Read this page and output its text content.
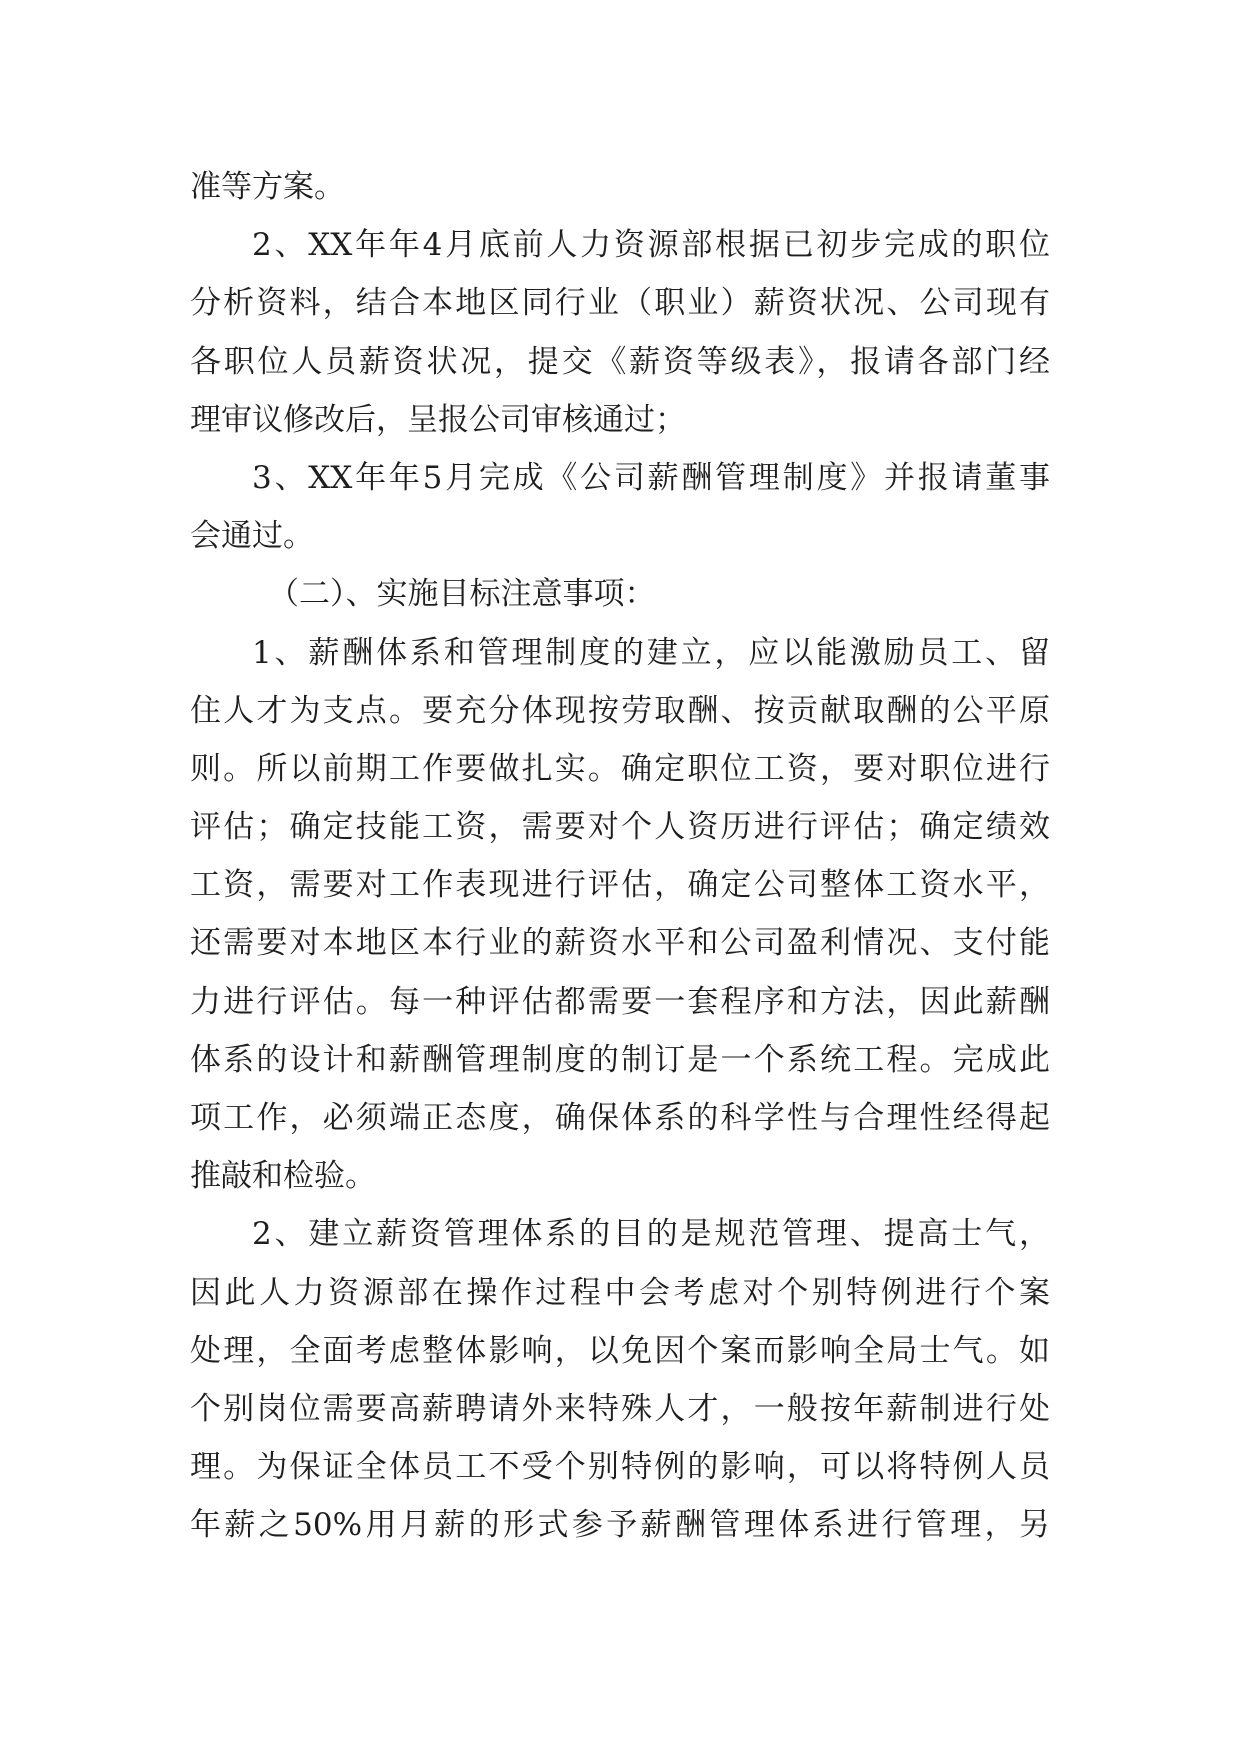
准等方案。
2、XX年年4月底前人力资源部根据已初步完成的职位
分析资料，结合本地区同行业（职业）薪资状况、公司现有
各职位人员薪资状况，提交《薪资等级表》，报请各部门经
理审议修改后，呈报公司审核通过；
3、XX年年5月完成《公司薪酬管理制度》并报请董事
会通过。
（二）、实施目标注意事项：
1、薪酬体系和管理制度的建立，应以能激励员工、留
住人才为支点。要充分体现按劳取酬、按贡献取酬的公平原
则。所以前期工作要做扎实。确定职位工资，要对职位进行
评估；确定技能工资，需要对个人资历进行评估；确定绩效
工资，需要对工作表现进行评估，确定公司整体工资水平，
还需要对本地区本行业的薪资水平和公司盈利情况、支付能
力进行评估。每一种评估都需要一套程序和方法，因此薪酬
体系的设计和薪酬管理制度的制订是一个系统工程。完成此
项工作，必须端正态度，确保体系的科学性与合理性经得起
推敲和检验。
2、建立薪资管理体系的目的是规范管理、提高士气，
因此人力资源部在操作过程中会考虑对个别特例进行个案
处理，全面考虑整体影响，以免因个案而影响全局士气。如
个别岗位需要高薪聘请外来特殊人才，一般按年薪制进行处
理。为保证全体员工不受个别特例的影响，可以将特例人员
年薪之50%用月薪的形式参予薪酬管理体系进行管理，另
